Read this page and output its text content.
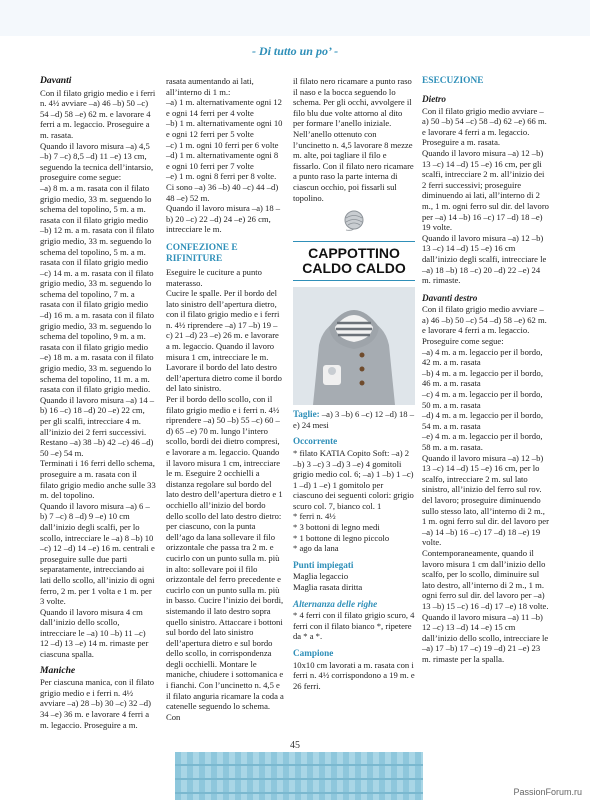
- Di tutto un po’ -
Davanti

Con il filato grigio medio e i ferri n. 4½ avviare –a) 46 –b) 50 –c) 54 –d) 58 –e) 62 m. e lavorare 4 ferri a m. legaccio. Proseguire a m. rasata.
Quando il lavoro misura –a) 4,5 –b) 7 –c) 8,5 –d) 11 –e) 13 cm, seguendo la tecnica dell’intarsio, proseguire come segue:
–a) 8 m. a m. rasata con il filato grigio medio, 33 m. seguendo lo schema del topolino, 5 m. a m. rasata con il filato grigio medio
–b) 12 m. a m. rasata con il filato grigio medio, 33 m. seguendo lo schema del topolino, 5 m. a m. rasata con il filato grigio medio
–c) 14 m. a m. rasata con il filato grigio medio, 33 m. seguendo lo schema del topolino, 7 m. a rasata con il filato grigio medio
–d) 16 m. a m. rasata con il filato grigio medio, 33 m. seguendo lo schema del topolino, 9 m. a m. rasata con il filato grigio medio
–e) 18 m. a m. rasata con il filato grigio medio, 33 m. seguendo lo schema del topolino, 11 m. a m. rasata con il filato grigio medio.
Quando il lavoro misura –a) 14 –b) 16 –c) 18 –d) 20 –e) 22 cm, per gli scalfi, intrecciare 4 m. all’inizio dei 2 ferri successivi. Restano –a) 38 –b) 42 –c) 46 –d) 50 –e) 54 m.
Terminati i 16 ferri dello schema, proseguire a m. rasata con il filato grigio medio anche sulle 33 m. del topolino.
Quando il lavoro misura –a) 6 –b) 7 –c) 8 –d) 9 –e) 10 cm dall’inizio degli scalfi, per lo scollo, intrecciare le –a) 8 –b) 10 –c) 12 –d) 14 –e) 16 m. centrali e proseguire sulle due parti separatamente, intrecciando ai lati dello scollo, all’inizio di ogni ferro, 2 m. per 1 volta e 1 m. per 3 volte.
Quando il lavoro misura 4 cm dall’inizio dello scollo, intrecciare le –a) 10 –b) 11 –c) 12 –d) 13 –e) 14 m. rimaste per ciascuna spalla.

Maniche

Per ciascuna manica, con il filato grigio medio e i ferri n. 4½ avviare –a) 28 –b) 30 –c) 32 –d) 34 –e) 36 m. e lavorare 4 ferri a m. legaccio. Proseguire a m.

rasata aumentando ai lati, all’interno di 1 m.:
–a) 1 m. alternativamente ogni 12 e ogni 14 ferri per 4 volte
–b) 1 m. alternativamente ogni 10 e ogni 12 ferri per 5 volte
–c) 1 m. ogni 10 ferri per 6 volte
–d) 1 m. alternativamente ogni 8 e ogni 10 ferri per 7 volte
–e) 1 m. ogni 8 ferri per 8 volte.
Ci sono –a) 36 –b) 40 –c) 44 –d) 48 –e) 52 m.
Quando il lavoro misura –a) 18 –b) 20 –c) 22 –d) 24 –e) 26 cm, intrecciare le m.

CONFEZIONE E RIFINITURE

Eseguire le cuciture a punto materasso.
Cucire le spalle. Per il bordo del lato sinistro dell’apertura dietro, con il filato grigio medio e i ferri n. 4½ riprendere –a) 17 –b) 19 –c) 21 –d) 23 –e) 26 m. e lavorare a m. legaccio. Quando il lavoro misura 1 cm, intrecciare le m. Lavorare il bordo del lato destro dell’apertura dietro come il bordo del lato sinistro.
Per il bordo dello scollo, con il filato grigio medio e i ferri n. 4½ riprendere –a) 50 –b) 55 –c) 60 –d) 65 –e) 70 m. lungo l’intero scollo, bordi dei dietro compresi, e lavorare a m. legaccio. Quando il lavoro misura 1 cm, intrecciare le m. Eseguire 2 occhielli a distanza regolare sul bordo del lato destro dell’apertura dietro e 1 occhiello all’inizio del bordo dello scollo del lato destro dietro: per ciascuno, con la punta dell’ago da lana sollevare il filo orizzontale che passa tra 2 m. e cucirlo con un punto sulla m. più in alto: sollevare poi il filo orizzontale del ferro precedente e cucirlo con un punto sulla m. più in basso. Cucire l’inizio dei bordi, sistemando il lato destro sopra quello sinistro. Attaccare i bottoni sul bordo del lato sinistro dell’apertura dietro e sul bordo dello scollo, in corrispondenza degli occhielli. Montare le maniche, chiudere i sottomanica e i fianchi. Con l’uncinetto n. 4,5 e il filato anguria ricamare la coda a catenelle seguendo lo schema. Con

il filato nero ricamare a punto raso il naso e la bocca seguendo lo schema. Per gli occhi, avvolgere il filo blu due volte attorno al dito per formare l’anello iniziale. Nell’anello ottenuto con l’uncinetto n. 4,5 lavorare 8 mezze m. alte, poi tagliare il filo e fissarlo. Con il filato nero ricamare a punto raso la parte interna di ciascun occhio, poi fissarli sul topolino.

CAPPOTTINO CALDO CALDO
Taglie: –a) 3 –b) 6 –c) 12 –d) 18 –e) 24 mesi
Occorrente

* filato KATIA Copito Soft: –a) 2 –b) 3 –c) 3 –d) 3 –e) 4 gomitoli grigio medio col. 6; –a) 1 –b) 1 –c) 1 –d) 1 –e) 1 gomitolo per ciascuno dei seguenti colori: grigio scuro col. 7, bianco col. 1
* ferri n. 4½
* 3 bottoni di legno medi
* 1 bottone di legno piccolo
* ago da lana

Punti impiegati

Maglia legaccio
Maglia rasata diritta

Alternanza delle righe

* 4 ferri con il filato grigio scuro, 4 ferri con il filato bianco *, ripetere da * a *.

Campione

10x10 cm lavorati a m. rasata con i ferri n. 4½ corrispondono a 19 m. e 26 ferri.

ESECUZIONE
Dietro

Con il filato grigio medio avviare –a) 50 –b) 54 –c) 58 –d) 62 –e) 66 m. e lavorare 4 ferri a m. legaccio. Proseguire a m. rasata.
Quando il lavoro misura –a) 12 –b) 13 –c) 14 –d) 15 –e) 16 cm, per gli scalfi, intrecciare 2 m. all’inizio dei 2 ferri successivi; proseguire diminuendo ai lati, all’interno di 2 m., 1 m. ogni ferro sul dir. del lavoro per –a) 14 –b) 16 –c) 17 –d) 18 –e) 19 volte.
Quando il lavoro misura –a) 12 –b) 13 –c) 14 –d) 15 –e) 16 cm dall’inizio degli scalfi, intrecciare le –a) 18 –b) 18 –c) 20 –d) 22 –e) 24 m. rimaste.

Davanti destro

Con il filato grigio medio avviare –a) 46 –b) 50 –c) 54 –d) 58 –e) 62 m. e lavorare 4 ferri a m. legaccio. Proseguire come segue:
–a) 4 m. a m. legaccio per il bordo, 42 m. a m. rasata
–b) 4 m. a m. legaccio per il bordo, 46 m. a m. rasata
–c) 4 m. a m. legaccio per il bordo, 50 m. a m. rasata
–d) 4 m. a m. legaccio per il bordo, 54 m. a m. rasata
–e) 4 m. a m. legaccio per il bordo, 58 m. a m. rasata.
Quando il lavoro misura –a) 12 –b) 13 –c) 14 –d) 15 –e) 16 cm, per lo scalfo, intrecciare 2 m. sul lato sinistro, all’inizio del ferro sul rov. del lavoro; proseguire diminuendo sullo stesso lato, all’interno di 2 m., 1 m. ogni ferro sul dir. del lavoro per –a) 14 –b) 16 –c) 17 –d) 18 –e) 19 volte.
Contemporaneamente, quando il lavoro misura 1 cm dall’inizio dello scalfo, per lo scollo, diminuire sul lato destro, all’interno di 2 m., 1 m. ogni ferro sul dir. del lavoro per –a) 13 –b) 15 –c) 16 –d) 17 –e) 18 volte.
Quando il lavoro misura –a) 11 –b) 12 –c) 13 –d) 14 –e) 15 cm dall’inizio dello scollo, intrecciare le –a) 17 –b) 17 –c) 19 –d) 21 –e) 23 m. rimaste per la spalla.

45
PassionForum.ru
